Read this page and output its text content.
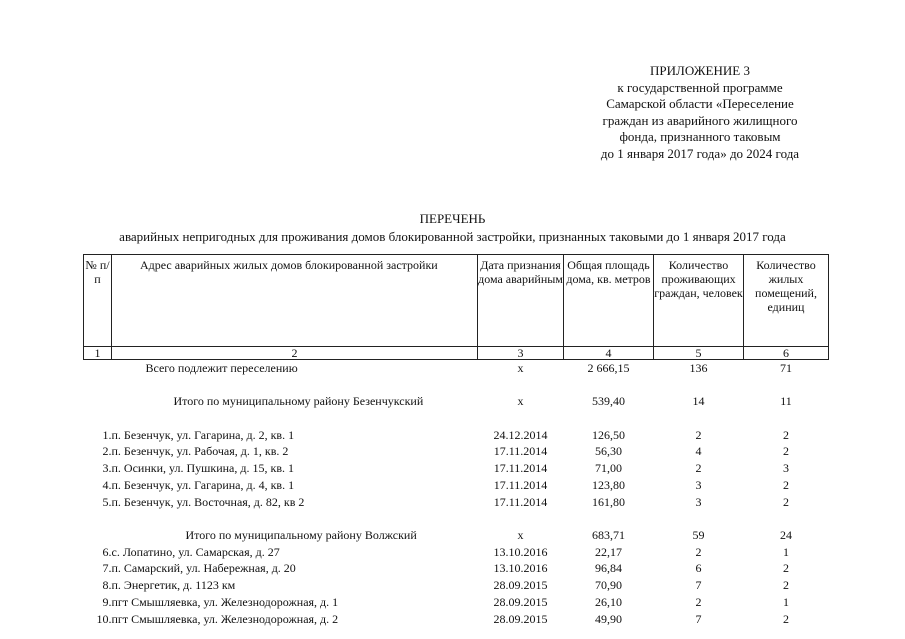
ПРИЛОЖЕНИЕ 3
к государственной программе
Самарской области «Переселение
граждан из аварийного жилищного
фонда, признанного таковым
до 1 января 2017 года» до 2024 года
ПЕРЕЧЕНЬ
аварийных непригодных для проживания домов блокированной застройки, признанных таковыми до 1 января 2017 года
№ п/п	Адрес аварийных жилых домов блокированной застройки	Дата признания дома аварийным	Общая площадь дома, кв. метров	Количество проживающих граждан, человек	Количество жилых помещений, единиц
1	2	3	4	5	6
	Всего подлежит переселению	х	2 666,15	136	71

	Итого по муниципальному району Безенчукский	х	539,40	14	11

1.	п. Безенчук, ул. Гагарина, д. 2, кв. 1	24.12.2014	126,50	2	2
2.	п. Безенчук, ул. Рабочая, д. 1, кв. 2	17.11.2014	56,30	4	2
3.	п. Осинки, ул. Пушкина, д. 15, кв. 1	17.11.2014	71,00	2	3
4.	п. Безенчук, ул. Гагарина, д. 4, кв. 1	17.11.2014	123,80	3	2
5.	п. Безенчук, ул. Восточная, д. 82, кв 2	17.11.2014	161,80	3	2

	Итого по муниципальному району Волжский	х	683,71	59	24
6.	с. Лопатино, ул. Самарская, д. 27	13.10.2016	22,17	2	1
7.	п. Самарский, ул. Набережная, д. 20	13.10.2016	96,84	6	2
8.	п. Энергетик, д. 1123 км	28.09.2015	70,90	7	2
9.	пгт Смышляевка, ул. Железнодорожная, д. 1	28.09.2015	26,10	2	1
10.	пгт Смышляевка, ул. Железнодорожная, д. 2	28.09.2015	49,90	7	2
